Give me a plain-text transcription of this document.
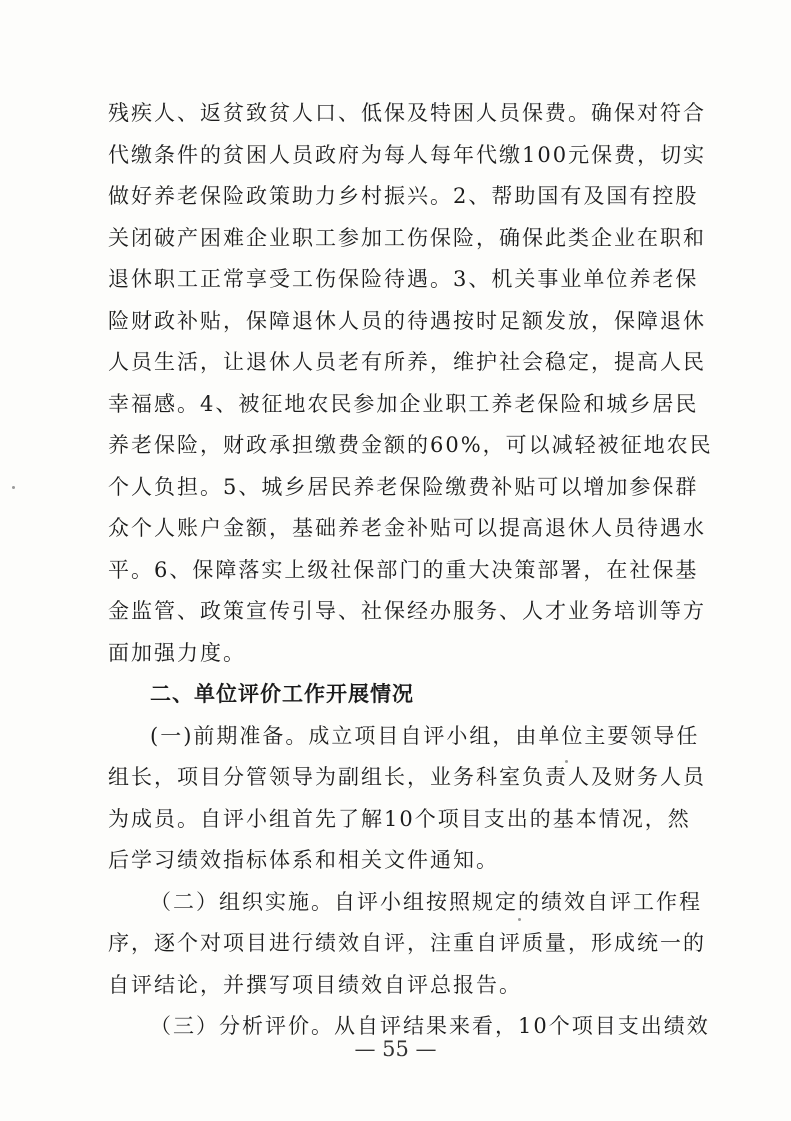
残疾人、返贫致贫人口、低保及特困人员保费。确保对符合
代缴条件的贫困人员政府为每人每年代缴100元保费，切实
做好养老保险政策助力乡村振兴。2、帮助国有及国有控股
关闭破产困难企业职工参加工伤保险，确保此类企业在职和
退休职工正常享受工伤保险待遇。3、机关事业单位养老保
险财政补贴，保障退休人员的待遇按时足额发放，保障退休
人员生活，让退休人员老有所养，维护社会稳定，提高人民
幸福感。4、被征地农民参加企业职工养老保险和城乡居民
养老保险，财政承担缴费金额的60%，可以减轻被征地农民
个人负担。5、城乡居民养老保险缴费补贴可以增加参保群
众个人账户金额，基础养老金补贴可以提高退休人员待遇水
平。6、保障落实上级社保部门的重大决策部署，在社保基
金监管、政策宣传引导、社保经办服务、人才业务培训等方
面加强力度。
二、单位评价工作开展情况
(一)前期准备。成立项目自评小组，由单位主要领导任
组长，项目分管领导为副组长，业务科室负责人及财务人员
为成员。自评小组首先了解10个项目支出的基本情况，然
后学习绩效指标体系和相关文件通知。
（二）组织实施。自评小组按照规定的绩效自评工作程
序，逐个对项目进行绩效自评，注重自评质量，形成统一的
自评结论，并撰写项目绩效自评总报告。
（三）分析评价。从自评结果来看，10个项目支出绩效
— 55 —
